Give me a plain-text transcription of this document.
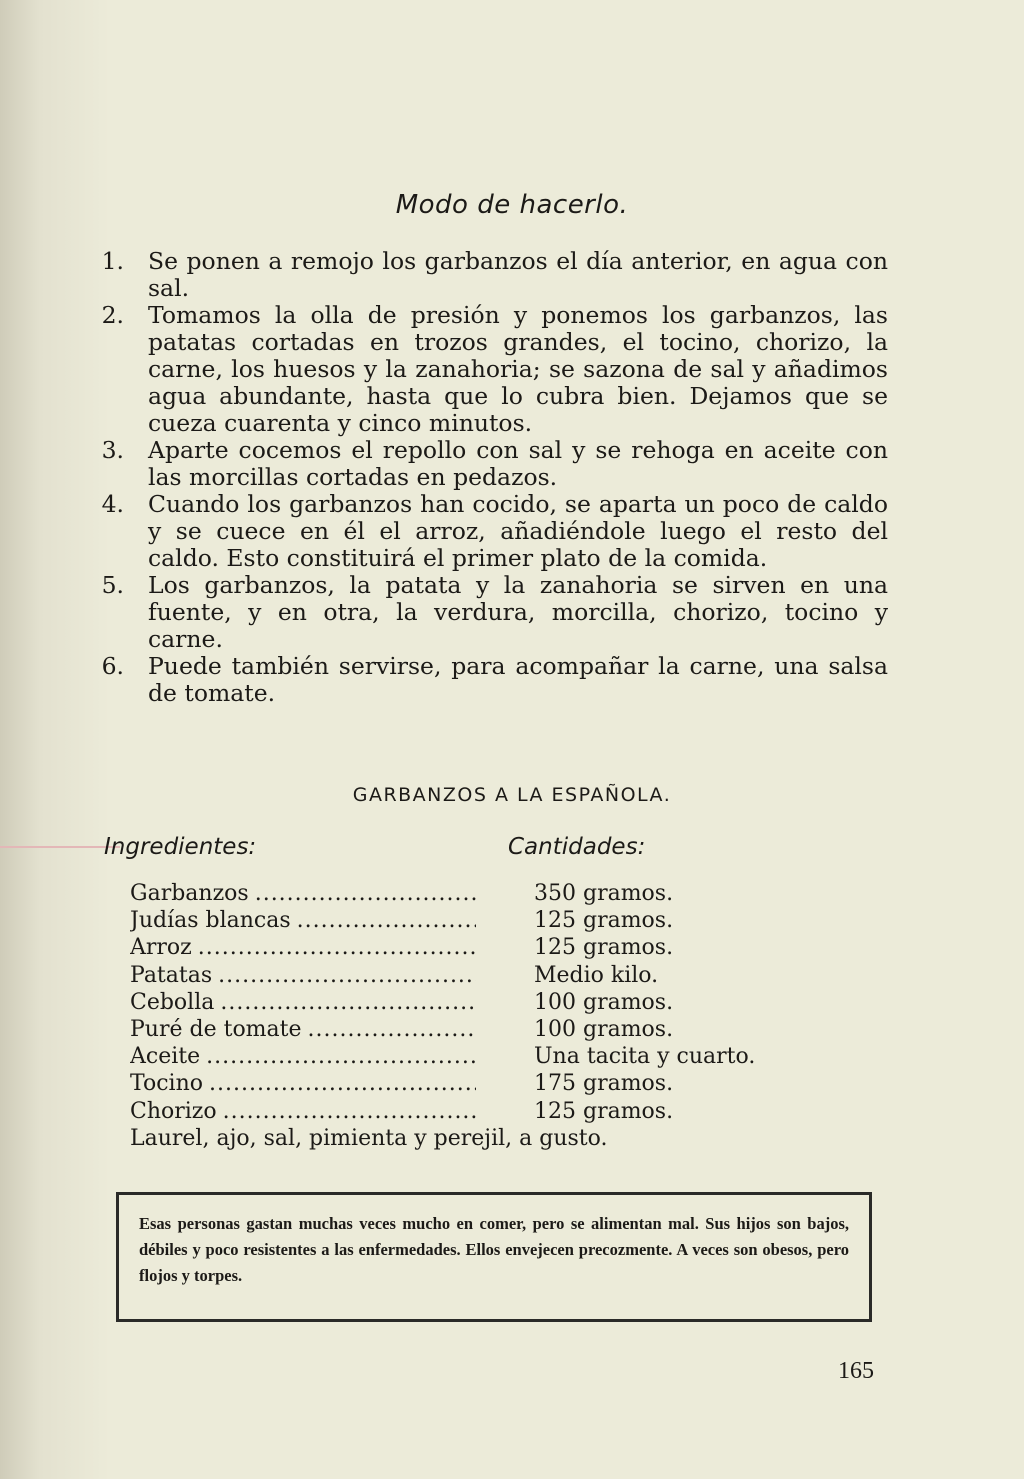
Modo de hacerlo.
1. Se ponen a remojo los garbanzos el día anterior, en agua con sal.
2. Tomamos la olla de presión y ponemos los garbanzos, las patatas cortadas en trozos grandes, el tocino, chorizo, la carne, los huesos y la zanahoria; se sazona de sal y añadimos agua abundante, hasta que lo cubra bien. Dejamos que se cueza cuarenta y cinco minutos.
3. Aparte cocemos el repollo con sal y se rehoga en aceite con las morcillas cortadas en pedazos.
4. Cuando los garbanzos han cocido, se aparta un poco de caldo y se cuece en él el arroz, añadiéndole luego el resto del caldo. Esto constituirá el primer plato de la comida.
5. Los garbanzos, la patata y la zanahoria se sirven en una fuente, y en otra, la verdura, morcilla, chorizo, tocino y carne.
6. Puede también servirse, para acompañar la carne, una salsa de tomate.
GARBANZOS A LA ESPAÑOLA.
Ingredientes:	Cantidades:
Garbanzos .....	350 gramos.
Judías blancas .....	125 gramos.
Arroz .....	125 gramos.
Patatas .....	Medio kilo.
Cebolla .....	100 gramos.
Puré de tomate .....	100 gramos.
Aceite .....	Una tacita y cuarto.
Tocino .....	175 gramos.
Chorizo .....	125 gramos.
Laurel, ajo, sal, pimienta y perejil, a gusto.
Esas personas gastan muchas veces mucho en comer, pero se alimentan mal. Sus hijos son bajos, débiles y poco resistentes a las enfermedades. Ellos envejecen precozmente. A veces son obesos, pero flojos y torpes.
165
